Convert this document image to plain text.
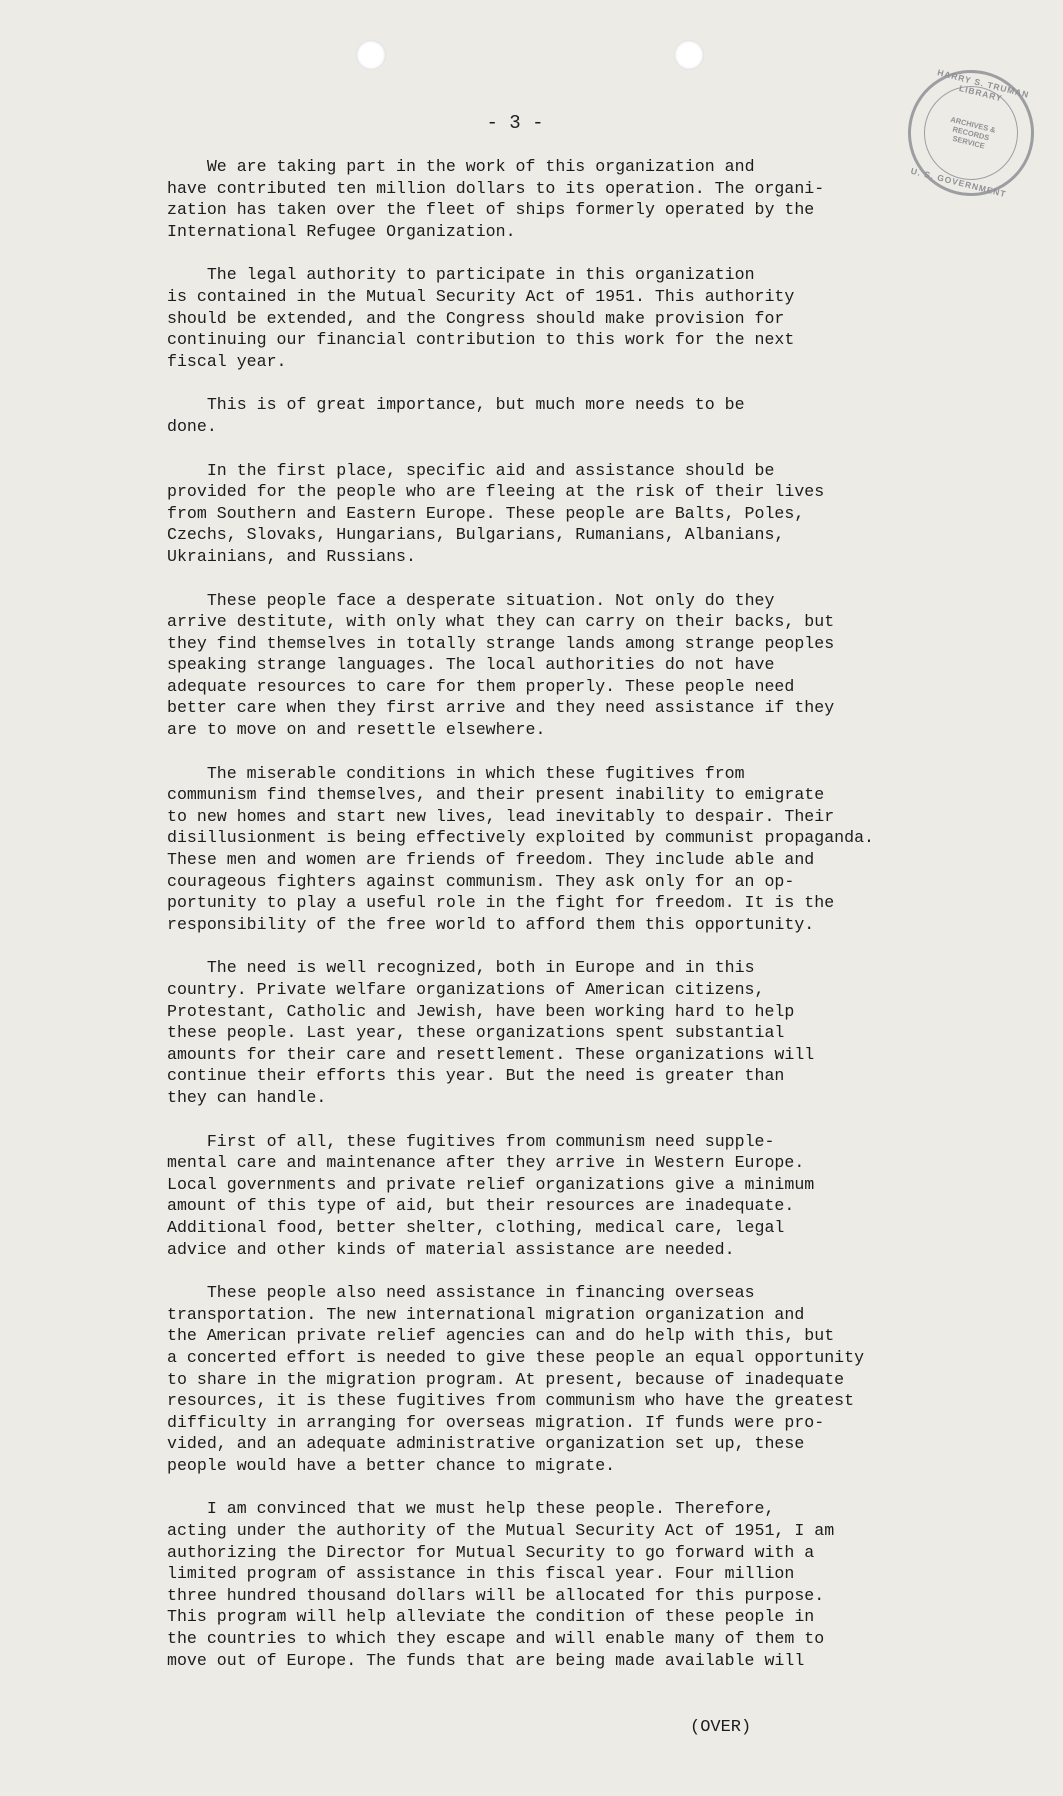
HARRY S. TRUMAN LIBRARY
ARCHIVES & RECORDS SERVICE
U. S. GOVERNMENT
- 3 -

We are taking part in the work of this organization and
have contributed ten million dollars to its operation. The organi-
zation has taken over the fleet of ships formerly operated by the
International Refugee Organization.

The legal authority to participate in this organization
is contained in the Mutual Security Act of 1951. This authority
should be extended, and the Congress should make provision for
continuing our financial contribution to this work for the next
fiscal year.

This is of great importance, but much more needs to be
done.

In the first place, specific aid and assistance should be
provided for the people who are fleeing at the risk of their lives
from Southern and Eastern Europe. These people are Balts, Poles,
Czechs, Slovaks, Hungarians, Bulgarians, Rumanians, Albanians,
Ukrainians, and Russians.

These people face a desperate situation. Not only do they
arrive destitute, with only what they can carry on their backs, but
they find themselves in totally strange lands among strange peoples
speaking strange languages. The local authorities do not have
adequate resources to care for them properly. These people need
better care when they first arrive and they need assistance if they
are to move on and resettle elsewhere.

The miserable conditions in which these fugitives from
communism find themselves, and their present inability to emigrate
to new homes and start new lives, lead inevitably to despair. Their
disillusionment is being effectively exploited by communist propaganda.
These men and women are friends of freedom. They include able and
courageous fighters against communism. They ask only for an op-
portunity to play a useful role in the fight for freedom. It is the
responsibility of the free world to afford them this opportunity.

The need is well recognized, both in Europe and in this
country. Private welfare organizations of American citizens,
Protestant, Catholic and Jewish, have been working hard to help
these people. Last year, these organizations spent substantial
amounts for their care and resettlement. These organizations will
continue their efforts this year. But the need is greater than
they can handle.

First of all, these fugitives from communism need supple-
mental care and maintenance after they arrive in Western Europe.
Local governments and private relief organizations give a minimum
amount of this type of aid, but their resources are inadequate.
Additional food, better shelter, clothing, medical care, legal
advice and other kinds of material assistance are needed.

These people also need assistance in financing overseas
transportation. The new international migration organization and
the American private relief agencies can and do help with this, but
a concerted effort is needed to give these people an equal opportunity
to share in the migration program. At present, because of inadequate
resources, it is these fugitives from communism who have the greatest
difficulty in arranging for overseas migration. If funds were pro-
vided, and an adequate administrative organization set up, these
people would have a better chance to migrate.

I am convinced that we must help these people. Therefore,
acting under the authority of the Mutual Security Act of 1951, I am
authorizing the Director for Mutual Security to go forward with a
limited program of assistance in this fiscal year. Four million
three hundred thousand dollars will be allocated for this purpose.
This program will help alleviate the condition of these people in
the countries to which they escape and will enable many of them to
move out of Europe. The funds that are being made available will

(OVER)
